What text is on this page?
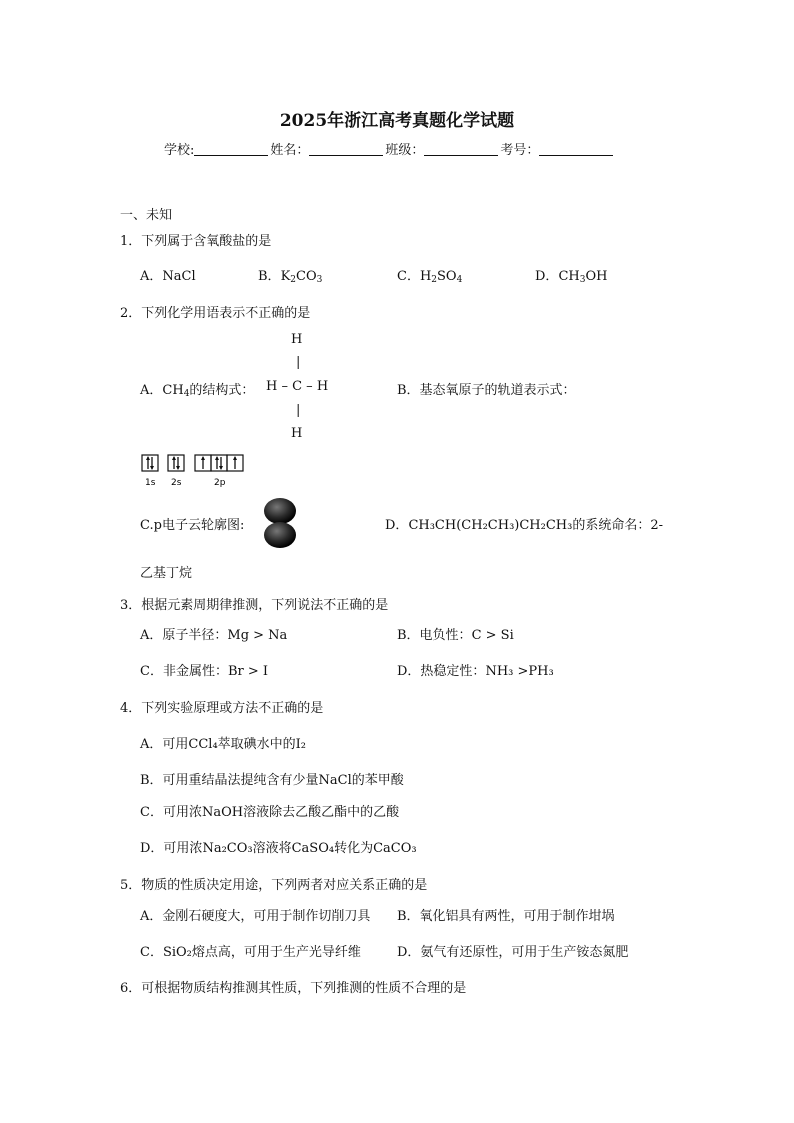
2025年浙江高考真题化学试题
学校:	姓名：	班级：	考号：
一、未知
1．下列属于含氧酸盐的是
A．NaCl	B．$K_2CO_3$	C．$H_2SO_4$	D．$CH_3OH$
2．下列化学用语表示不正确的是
H
|
A．$CH_4$的结构式： H – C – H
|
H
B．基态氧原子的轨道表示式：
1s 2s	2p
C.p电子云轮廓图:	D．CH₃CH(CH₂CH₃)CH₂CH₃的系统命名：2-
乙基丁烷
3．根据元素周期律推测，下列说法不正确的是
A．原子半径：Mg > Na	B．电负性：C > Si
C．非金属性：Br > I	D．热稳定性：NH₃ >PH₃
4．下列实验原理或方法不正确的是
A．可用CCl₄萃取碘水中的I₂
B．可用重结晶法提纯含有少量NaCl的苯甲酸
C．可用浓NaOH溶液除去乙酸乙酯中的乙酸
D．可用浓Na₂CO₃溶液将CaSO₄转化为CaCO₃
5．物质的性质决定用途，下列两者对应关系正确的是
A．金刚石硬度大，可用于制作切削刀具 B．氧化铝具有两性，可用于制作坩埚
C．SiO₂熔点高，可用于生产光导纤维	D．氨气有还原性，可用于生产铵态氮肥
6．可根据物质结构推测其性质，下列推测的性质不合理的是
